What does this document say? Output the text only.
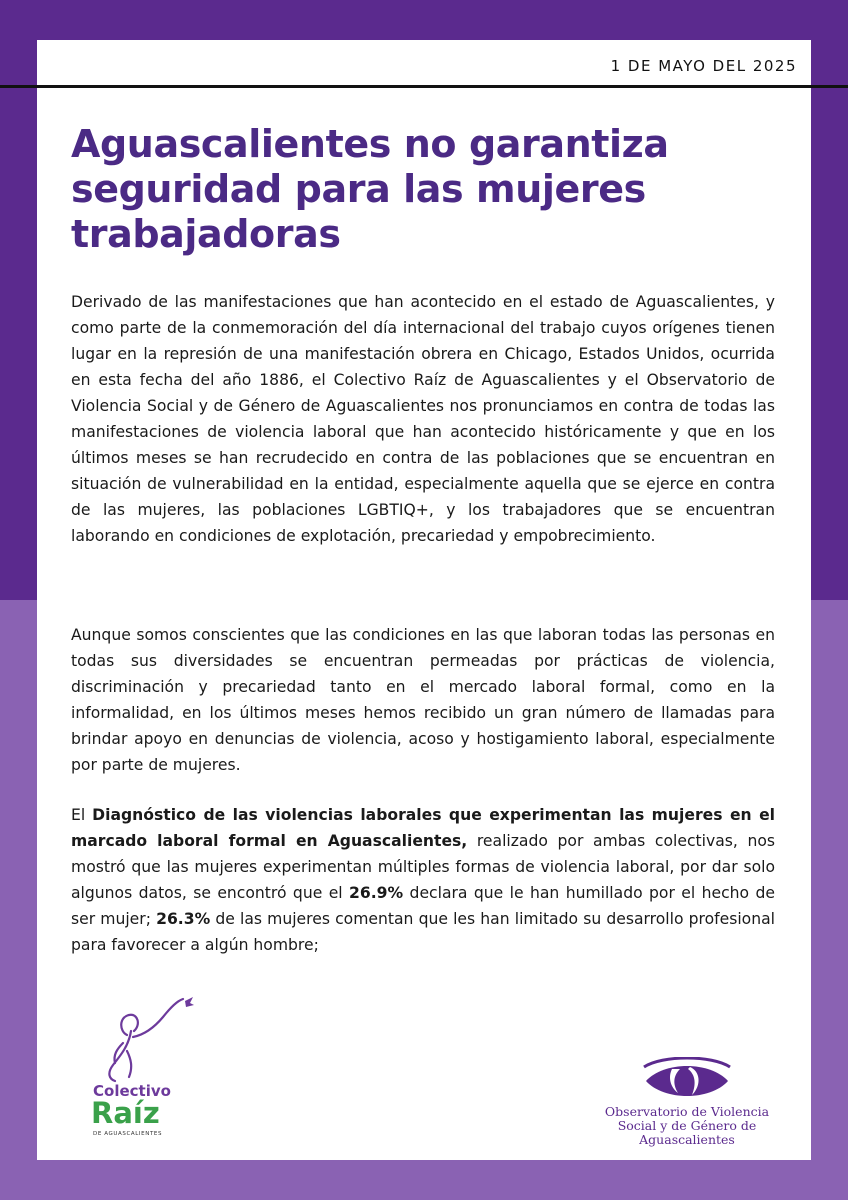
1 DE MAYO DEL 2025
Aguascalientes no garantiza seguridad para las mujeres trabajadoras

Derivado de las manifestaciones que han acontecido en el estado de Aguascalientes, y como parte de la conmemoración del día internacional del trabajo cuyos orígenes tienen lugar en la represión de una manifestación obrera en Chicago, Estados Unidos, ocurrida en esta fecha del año 1886, el Colectivo Raíz de Aguascalientes y el Observatorio de Violencia Social y de Género de Aguascalientes nos pronunciamos en contra de todas las manifestaciones de violencia laboral que han acontecido históricamente y que en los últimos meses se han recrudecido en contra de las poblaciones que se encuentran en situación de vulnerabilidad en la entidad, especialmente aquella que se ejerce en contra de las mujeres, las poblaciones LGBTIQ+, y los trabajadores que se encuentran laborando en condiciones de explotación, precariedad y empobrecimiento.

Aunque somos conscientes que las condiciones en las que laboran todas las personas en todas sus diversidades se encuentran permeadas por prácticas de violencia, discriminación y precariedad tanto en el mercado laboral formal, como en la informalidad, en los últimos meses hemos recibido un gran número de llamadas para brindar apoyo en denuncias de violencia, acoso y hostigamiento laboral, especialmente por parte de mujeres.

El Diagnóstico de las violencias laborales que experimentan las mujeres en el marcado laboral formal en Aguascalientes, realizado por ambas colectivas, nos mostró que las mujeres experimentan múltiples formas de violencia laboral, por dar solo algunos datos, se encontró que el 26.9% declara que le han humillado por el hecho de ser mujer; 26.3% de las mujeres comentan que les han limitado su desarrollo profesional para favorecer a algún hombre;

Colectivo
Raíz
DE AGUASCALIENTES
Observatorio de Violencia
Social y de Género de
Aguascalientes
